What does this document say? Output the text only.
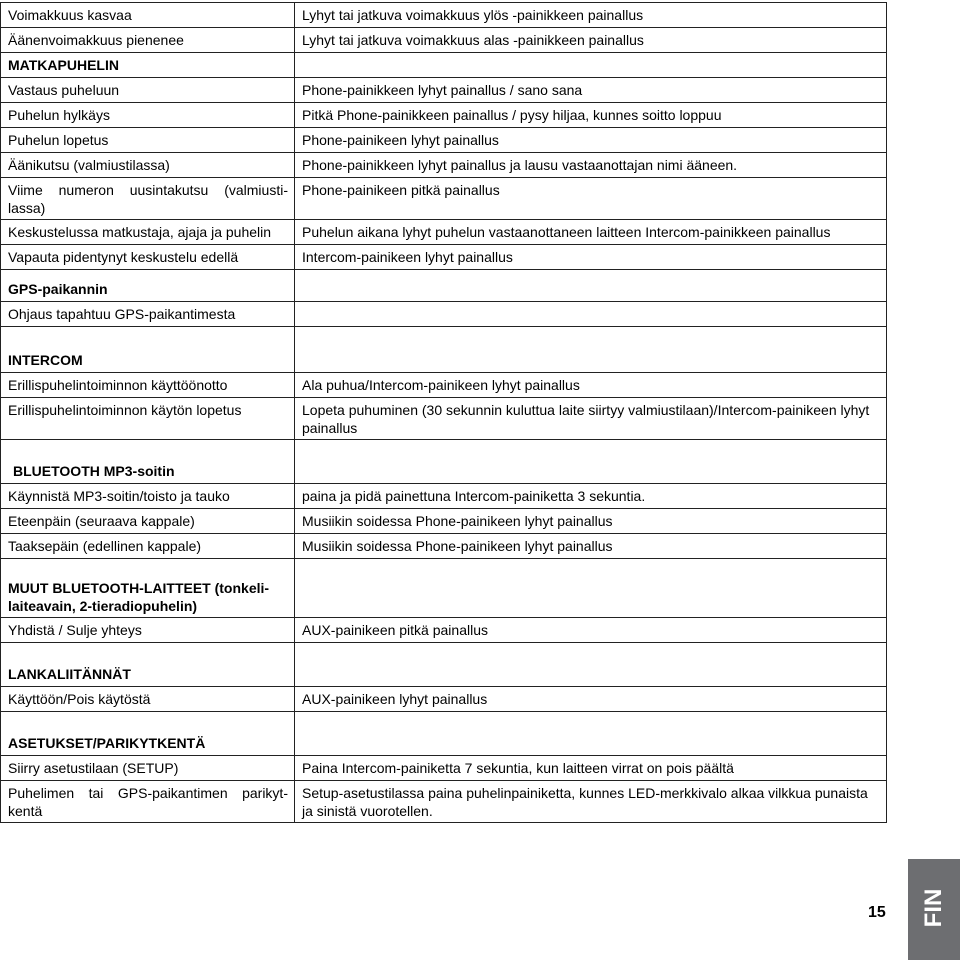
Voimakkuus kasvaa	Lyhyt tai jatkuva voimakkuus ylös -painikkeen painallus
Äänenvoimakkuus pienenee	Lyhyt tai jatkuva voimakkuus alas -painikkeen painallus
MATKAPUHELIN	
Vastaus puheluun	Phone-painikkeen lyhyt painallus / sano sana
Puhelun hylkäys	Pitkä Phone-painikkeen painallus / pysy hiljaa, kunnes soitto loppuu
Puhelun lopetus	Phone-painikeen lyhyt painallus
Äänikutsu (valmiustilassa)	Phone-painikkeen lyhyt painallus ja lausu vastaanottajan nimi ääneen.
Viime numeron uusintakutsu (valmiusti-lassa)	Phone-painikeen pitkä painallus
Keskustelussa matkustaja, ajaja ja puhelin	Puhelun aikana lyhyt puhelun vastaanottaneen laitteen Intercom-painikkeen painallus
Vapauta pidentynyt keskustelu edellä	Intercom-painikeen lyhyt painallus
GPS-paikannin	
Ohjaus tapahtuu GPS-paikantimesta	
INTERCOM	
Erillispuhelintoiminnon käyttöönotto	Ala puhua/Intercom-painikeen lyhyt painallus
Erillispuhelintoiminnon käytön lopetus	Lopeta puhuminen (30 sekunnin kuluttua laite siirtyy valmiustilaan)/Intercom-painikeen lyhyt painallus
BLUETOOTH MP3-soitin	
Käynnistä MP3-soitin/toisto ja tauko	paina ja pidä painettuna Intercom-painiketta 3 sekuntia.
Eteenpäin (seuraava kappale)	Musiikin soidessa Phone-painikeen lyhyt painallus
Taaksepäin (edellinen kappale)	Musiikin soidessa Phone-painikeen lyhyt painallus
MUUT BLUETOOTH-LAITTEET (tonkeli-laiteavain, 2-tieradiopuhelin)	
Yhdistä / Sulje yhteys	AUX-painikeen pitkä painallus
LANKALIITÄNNÄT	
Käyttöön/Pois käytöstä	AUX-painikeen lyhyt painallus
ASETUKSET/PARIKYTKENTÄ	
Siirry asetustilaan (SETUP)	Paina Intercom-painiketta 7 sekuntia, kun laitteen virrat on pois päältä
Puhelimen tai GPS-paikantimen parikyt-kentä	Setup-asetustilassa paina puhelinpainiketta, kunnes LED-merkkivalo alkaa vilkkua punaista ja sinistä vuorotellen.
15 FIN
